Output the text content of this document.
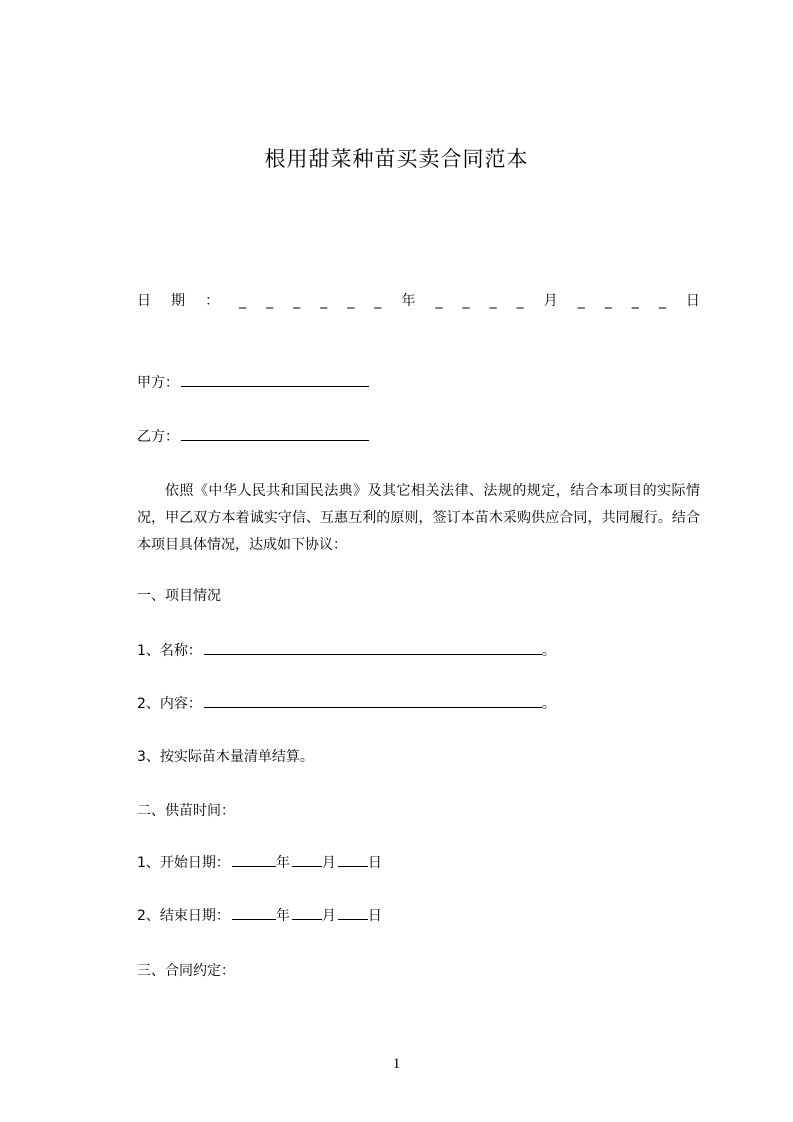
根用甜菜种苗买卖合同范本
日 期 ： _ _ _ _ _ _ 年 _ _ _ _ 月 _ _ _ _ 日
甲方：
乙方：
依照《中华人民共和国民法典》及其它相关法律、法规的规定，结合本项目的实际情况，甲乙双方本着诚实守信、互惠互利的原则，签订本苗木采购供应合同，共同履行。结合本项目具体情况，达成如下协议：
一、项目情况
1、名称：	。
2、内容：	。
3、按实际苗木量清单结算。
二、供苗时间：
1、开始日期：	年 月 日
2、结束日期：	年 月 日
三、合同约定：
1
